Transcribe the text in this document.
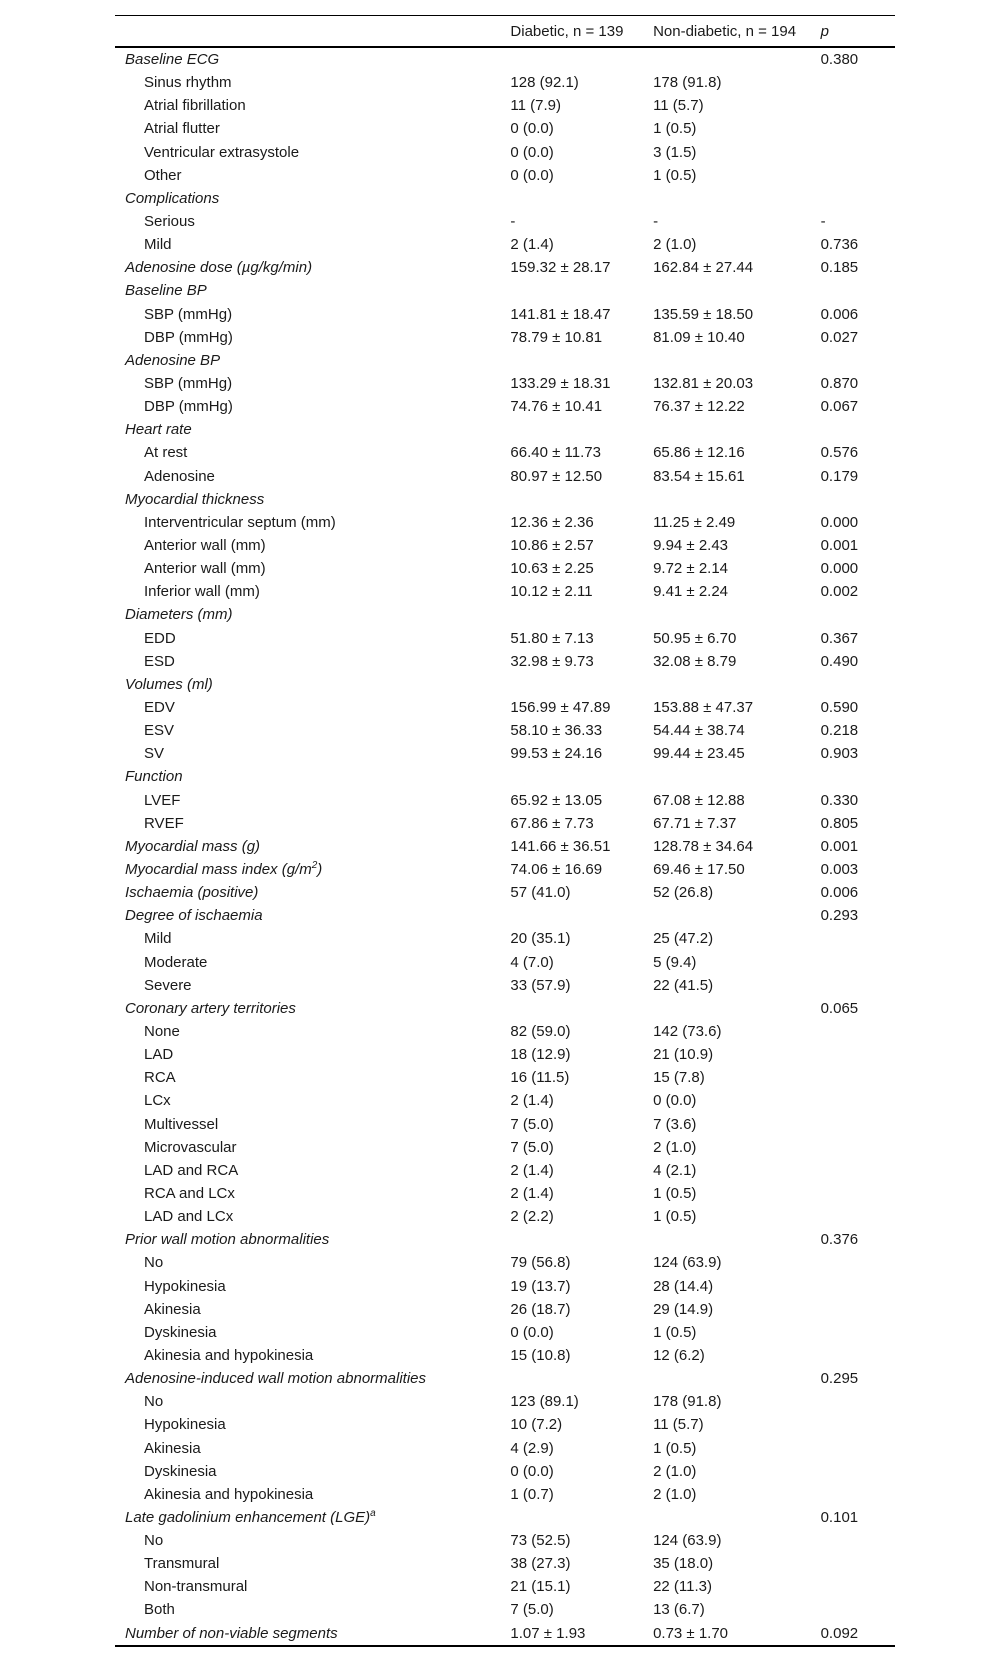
	Diabetic, n = 139	Non-diabetic, n = 194	p
Baseline ECG			0.380
Sinus rhythm	128 (92.1)	178 (91.8)	
Atrial fibrillation	11 (7.9)	11 (5.7)	
Atrial flutter	0 (0.0)	1 (0.5)	
Ventricular extrasystole	0 (0.0)	3 (1.5)	
Other	0 (0.0)	1 (0.5)	
Complications			
Serious	-	-	-
Mild	2 (1.4)	2 (1.0)	0.736
Adenosine dose (µg/kg/min)	159.32 ± 28.17	162.84 ± 27.44	0.185
Baseline BP			
SBP (mmHg)	141.81 ± 18.47	135.59 ± 18.50	0.006
DBP (mmHg)	78.79 ± 10.81	81.09 ± 10.40	0.027
Adenosine BP			
SBP (mmHg)	133.29 ± 18.31	132.81 ± 20.03	0.870
DBP (mmHg)	74.76 ± 10.41	76.37 ± 12.22	0.067
Heart rate			
At rest	66.40 ± 11.73	65.86 ± 12.16	0.576
Adenosine	80.97 ± 12.50	83.54 ± 15.61	0.179
Myocardial thickness			
Interventricular septum (mm)	12.36 ± 2.36	11.25 ± 2.49	0.000
Anterior wall (mm)	10.86 ± 2.57	9.94 ± 2.43	0.001
Anterior wall (mm)	10.63 ± 2.25	9.72 ± 2.14	0.000
Inferior wall (mm)	10.12 ± 2.11	9.41 ± 2.24	0.002
Diameters (mm)			
EDD	51.80 ± 7.13	50.95 ± 6.70	0.367
ESD	32.98 ± 9.73	32.08 ± 8.79	0.490
Volumes (ml)			
EDV	156.99 ± 47.89	153.88 ± 47.37	0.590
ESV	58.10 ± 36.33	54.44 ± 38.74	0.218
SV	99.53 ± 24.16	99.44 ± 23.45	0.903
Function			
LVEF	65.92 ± 13.05	67.08 ± 12.88	0.330
RVEF	67.86 ± 7.73	67.71 ± 7.37	0.805
Myocardial mass (g)	141.66 ± 36.51	128.78 ± 34.64	0.001
Myocardial mass index $(g/m^2)$	74.06 ± 16.69	69.46 ± 17.50	0.003
Ischaemia (positive)	57 (41.0)	52 (26.8)	0.006
Degree of ischaemia			0.293
Mild	20 (35.1)	25 (47.2)	
Moderate	4 (7.0)	5 (9.4)	
Severe	33 (57.9)	22 (41.5)	
Coronary artery territories			0.065
None	82 (59.0)	142 (73.6)	
LAD	18 (12.9)	21 (10.9)	
RCA	16 (11.5)	15 (7.8)	
LCx	2 (1.4)	0 (0.0)	
Multivessel	7 (5.0)	7 (3.6)	
Microvascular	7 (5.0)	2 (1.0)	
LAD and RCA	2 (1.4)	4 (2.1)	
RCA and LCx	2 (1.4)	1 (0.5)	
LAD and LCx	2 (2.2)	1 (0.5)	
Prior wall motion abnormalities			0.376
No	79 (56.8)	124 (63.9)	
Hypokinesia	19 (13.7)	28 (14.4)	
Akinesia	26 (18.7)	29 (14.9)	
Dyskinesia	0 (0.0)	1 (0.5)	
Akinesia and hypokinesia	15 (10.8)	12 (6.2)	
Adenosine-induced wall motion abnormalities			0.295
No	123 (89.1)	178 (91.8)	
Hypokinesia	10 (7.2)	11 (5.7)	
Akinesia	4 (2.9)	1 (0.5)	
Dyskinesia	0 (0.0)	2 (1.0)	
Akinesia and hypokinesia	1 (0.7)	2 (1.0)	
Late gadolinium enhancement (LGE)$^a$			0.101
No	73 (52.5)	124 (63.9)	
Transmural	38 (27.3)	35 (18.0)	
Non-transmural	21 (15.1)	22 (11.3)	
Both	7 (5.0)	13 (6.7)	
Number of non-viable segments	1.07 ± 1.93	0.73 ± 1.70	0.092
